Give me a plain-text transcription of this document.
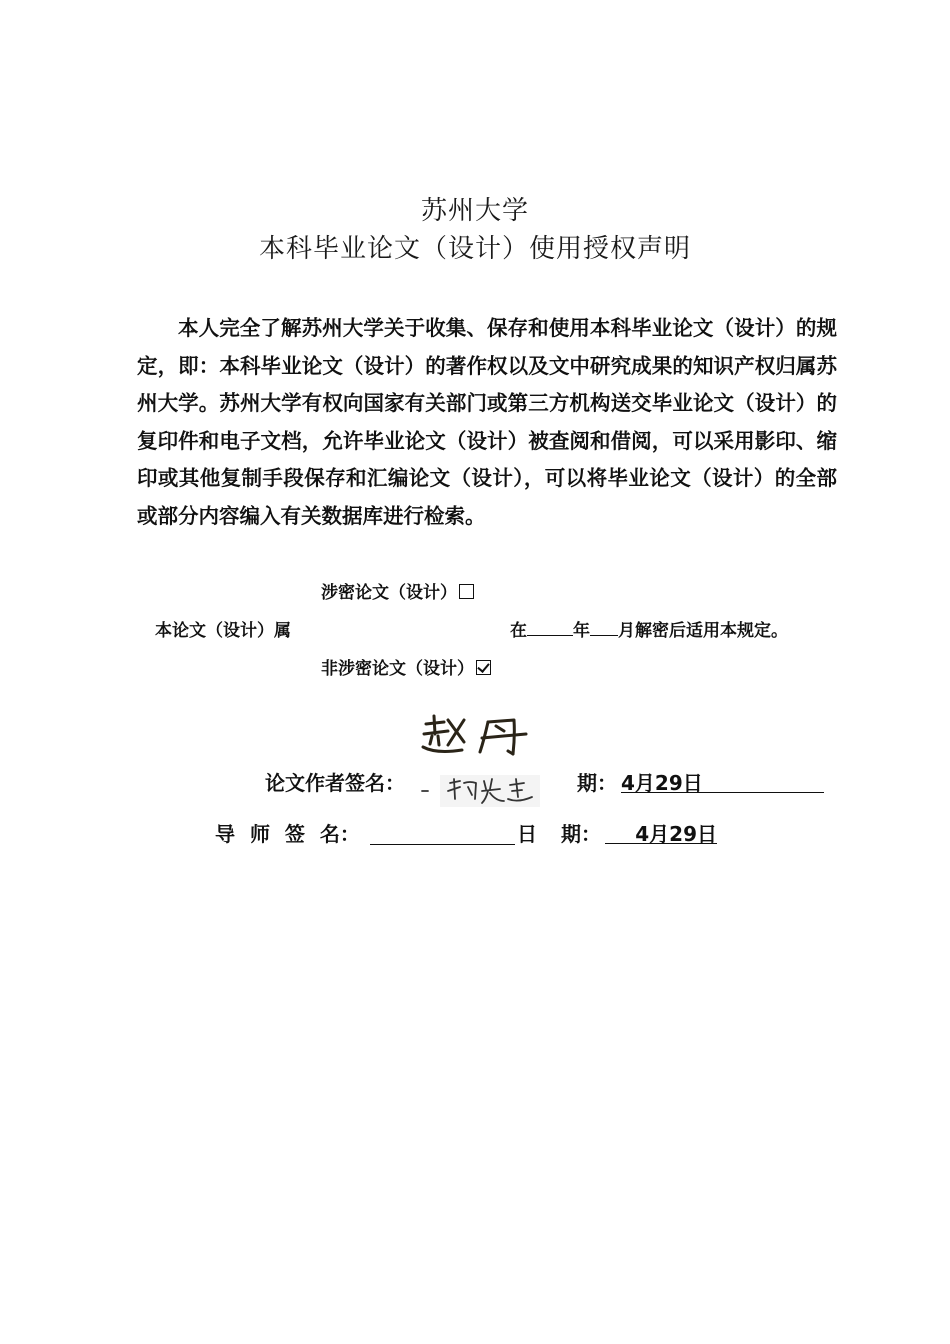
苏州大学
本科毕业论文（设计）使用授权声明
本人完全了解苏州大学关于收集、保存和使用本科毕业论文（设计）的规定，即：本科毕业论文（设计）的著作权以及文中研究成果的知识产权归属苏州大学。苏州大学有权向国家有关部门或第三方机构送交毕业论文（设计）的复印件和电子文档，允许毕业论文（设计）被查阅和借阅，可以采用影印、缩印或其他复制手段保存和汇编论文（设计），可以将毕业论文（设计）的全部或部分内容编入有关数据库进行检索。
涉密论文（设计）
本论文（设计）属	在	年 月解密后适用本规定。
非涉密论文（设计）
论文作者签名：	期： 4月29日
导 师 签 名：	日 期：	4月29日
